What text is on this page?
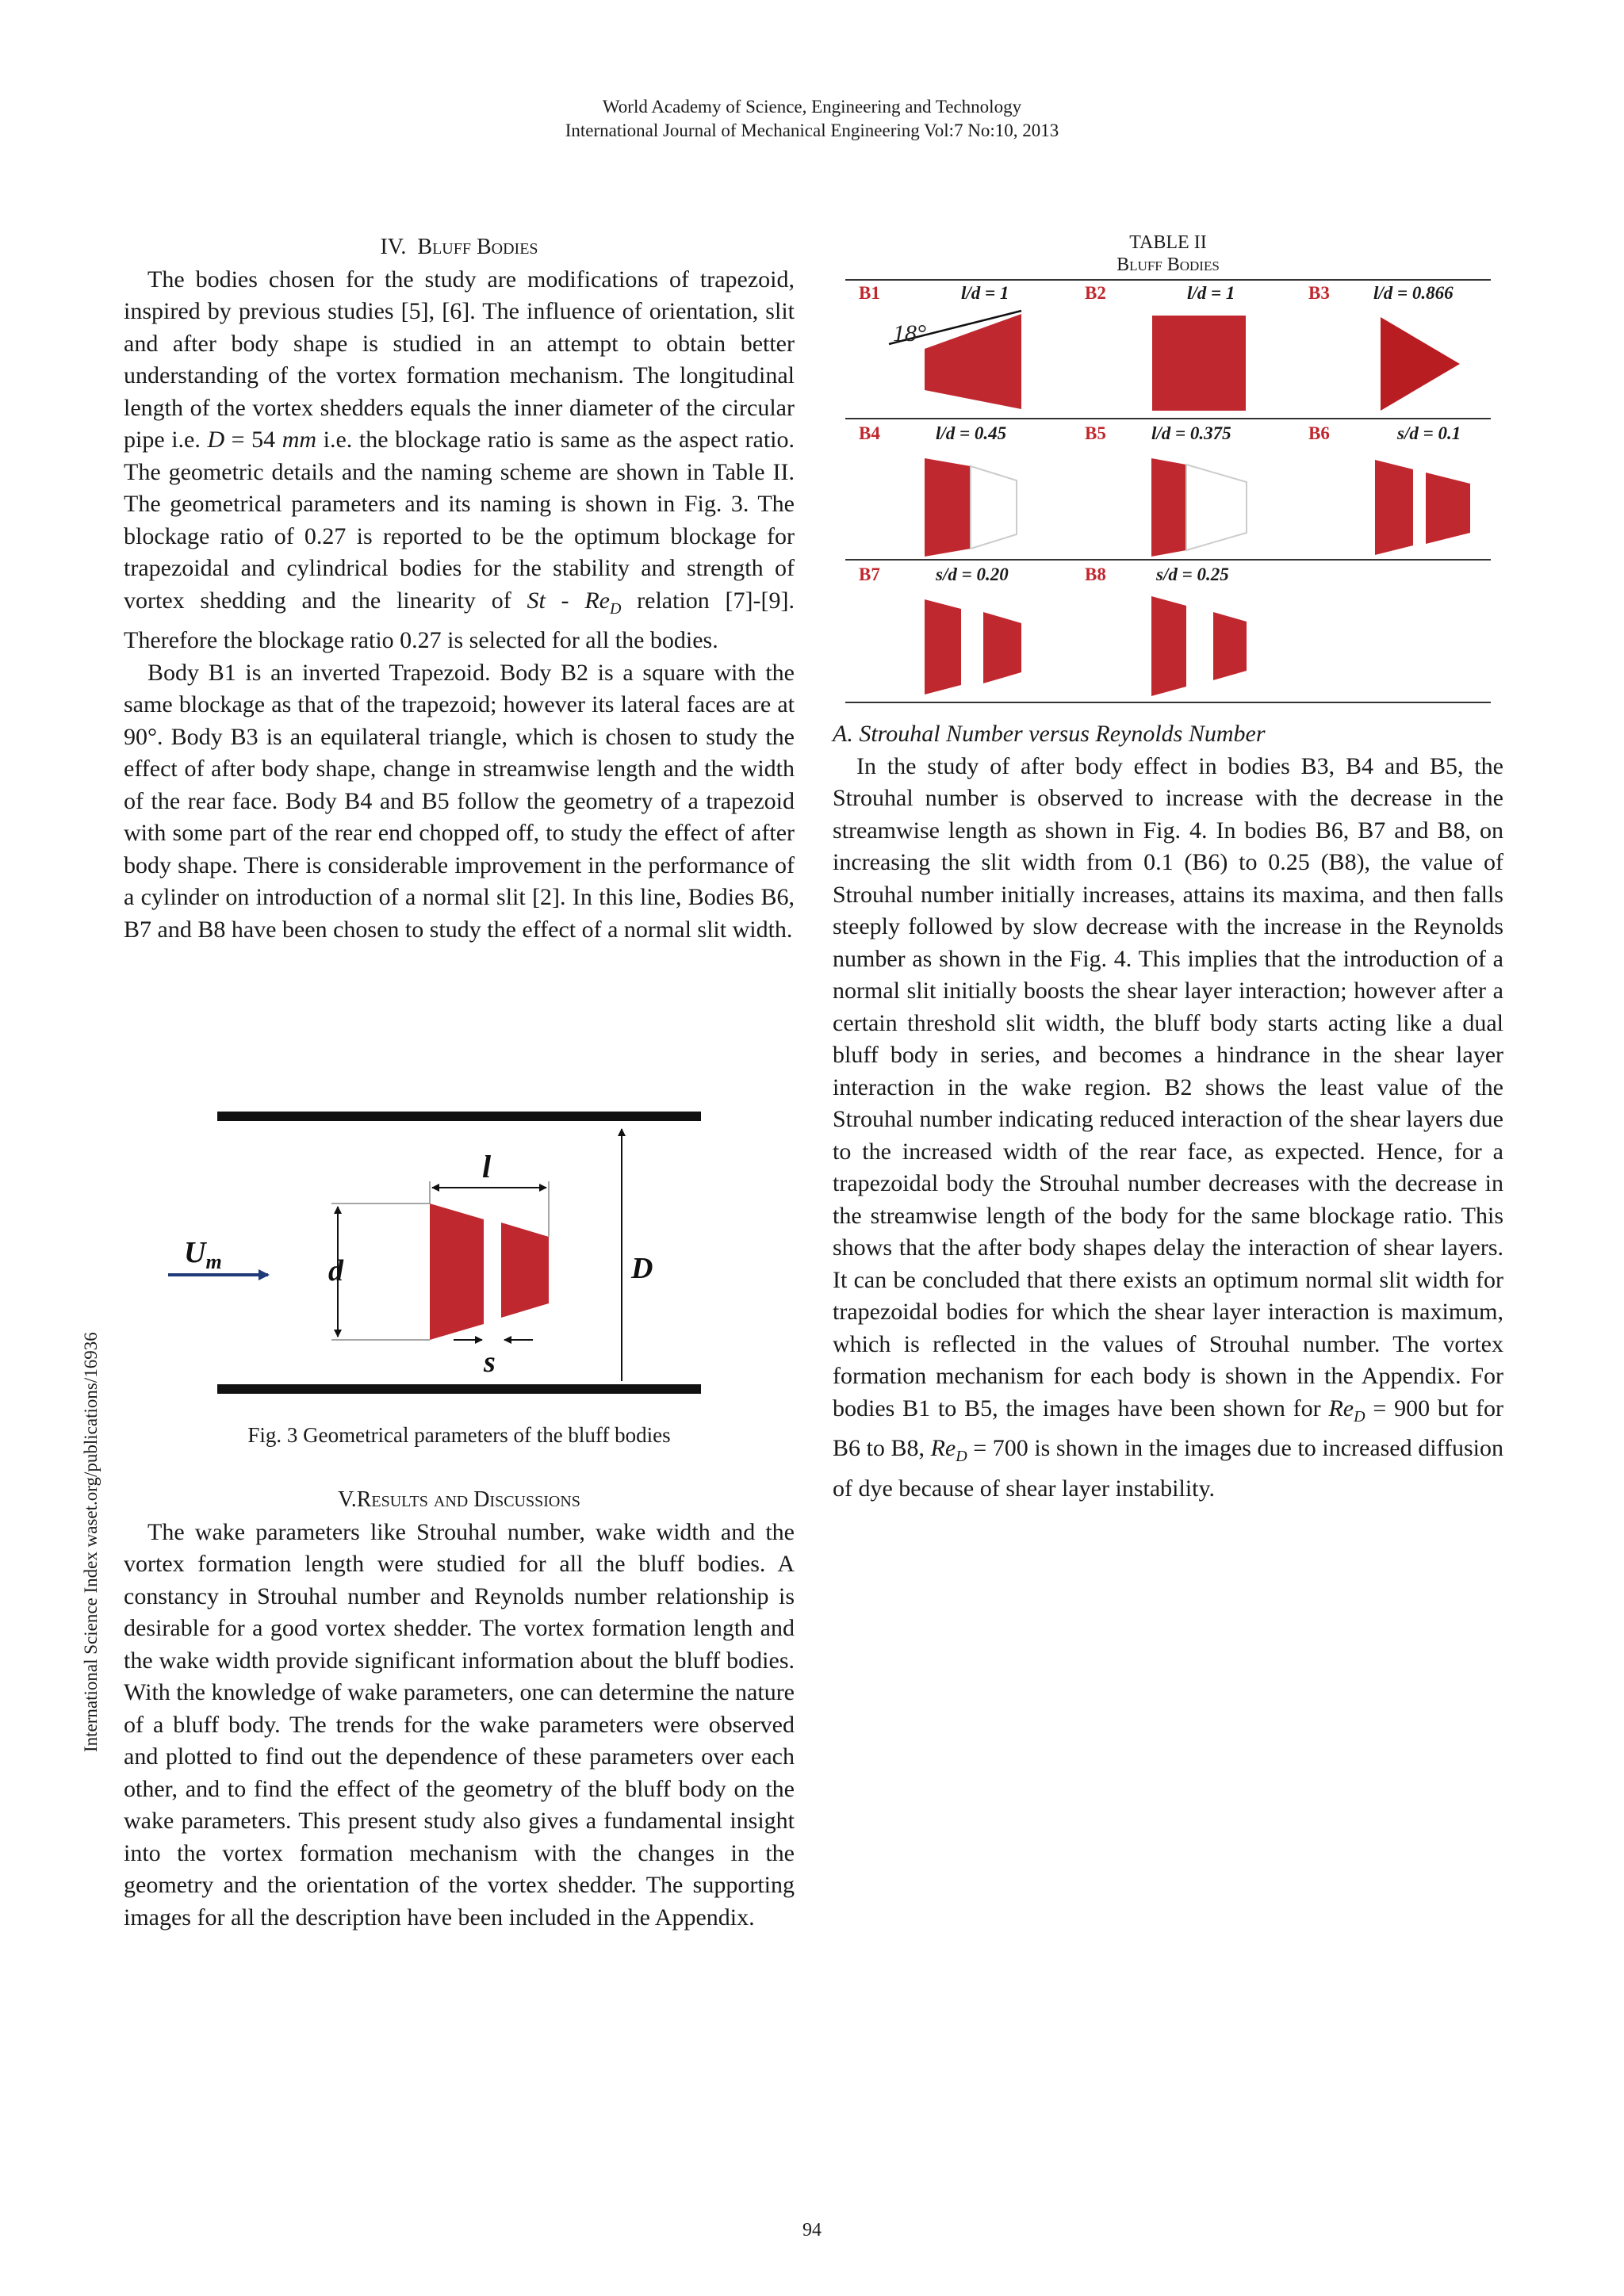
World Academy of Science, Engineering and Technology
International Journal of Mechanical Engineering Vol:7 No:10, 2013
International Science Index waset.org/publications/16936

IV. Bluff Bodies

The bodies chosen for the study are modifications of trapezoid, inspired by previous studies [5], [6]. The influence of orientation, slit and after body shape is studied in an attempt to obtain better understanding of the vortex formation mechanism. The longitudinal length of the vortex shedders equals the inner diameter of the circular pipe i.e. D = 54 mm i.e. the blockage ratio is same as the aspect ratio. The geometric details and the naming scheme are shown in Table II. The geometrical parameters and its naming is shown in Fig. 3. The blockage ratio of 0.27 is reported to be the optimum blockage for trapezoidal and cylindrical bodies for the stability and strength of vortex shedding and the linearity of St - $Re_D$ relation [7]-[9]. Therefore the blockage ratio 0.27 is selected for all the bodies.

Body B1 is an inverted Trapezoid. Body B2 is a square with the same blockage as that of the trapezoid; however its lateral faces are at 90°. Body B3 is an equilateral triangle, which is chosen to study the effect of after body shape, change in streamwise length and the width of the rear face. Body B4 and B5 follow the geometry of a trapezoid with some part of the rear end chopped off, to study the effect of after body shape. There is considerable improvement in the performance of a cylinder on introduction of a normal slit [2]. In this line, Bodies B6, B7 and B8 have been chosen to study the effect of a normal slit width.

l
d	D
s
$U_m$
Fig. 3 Geometrical parameters of the bluff bodies

V.Results and Discussions

The wake parameters like Strouhal number, wake width and the vortex formation length were studied for all the bluff bodies. A constancy in Strouhal number and Reynolds number relationship is desirable for a good vortex shedder. The vortex formation length and the wake width provide significant information about the bluff bodies. With the knowledge of wake parameters, one can determine the nature of a bluff body. The trends for the wake parameters were observed and plotted to find out the dependence of these parameters over each other, and to find the effect of the geometry of the bluff body on the wake parameters. This present study also gives a fundamental insight into the vortex formation mechanism with the changes in the geometry and the orientation of the vortex shedder. The supporting images for all the description have been included in the Appendix.

TABLE II
Bluff Bodies
B1	l/d = 1	B2	l/d = 1	B3 l/d = 0.866
B4	l/d = 0.45	B5 l/d = 0.375	B6	s/d = 0.1
B7	s/d = 0.20	B8	s/d = 0.25
18°

A. Strouhal Number versus Reynolds Number

In the study of after body effect in bodies B3, B4 and B5, the Strouhal number is observed to increase with the decrease in the streamwise length as shown in Fig. 4. In bodies B6, B7 and B8, on increasing the slit width from 0.1 (B6) to 0.25 (B8), the value of Strouhal number initially increases, attains its maxima, and then falls steeply followed by slow decrease with the increase in the Reynolds number as shown in the Fig. 4. This implies that the introduction of a normal slit initially boosts the shear layer interaction; however after a certain threshold slit width, the bluff body starts acting like a dual bluff body in series, and becomes a hindrance in the shear layer interaction in the wake region. B2 shows the least value of the Strouhal number indicating reduced interaction of the shear layers due to the increased width of the rear face, as expected. Hence, for a trapezoidal body the Strouhal number decreases with the decrease in the streamwise length of the body for the same blockage ratio. This shows that the after body shapes delay the interaction of shear layers. It can be concluded that there exists an optimum normal slit width for trapezoidal bodies for which the shear layer interaction is maximum, which is reflected in the values of Strouhal number. The vortex formation mechanism for each body is shown in the Appendix. For bodies B1 to B5, the images have been shown for $Re_D = 900$ but for B6 to B8, $Re_D = 700$ is shown in the images due to increased diffusion of dye because of shear layer instability.

94
